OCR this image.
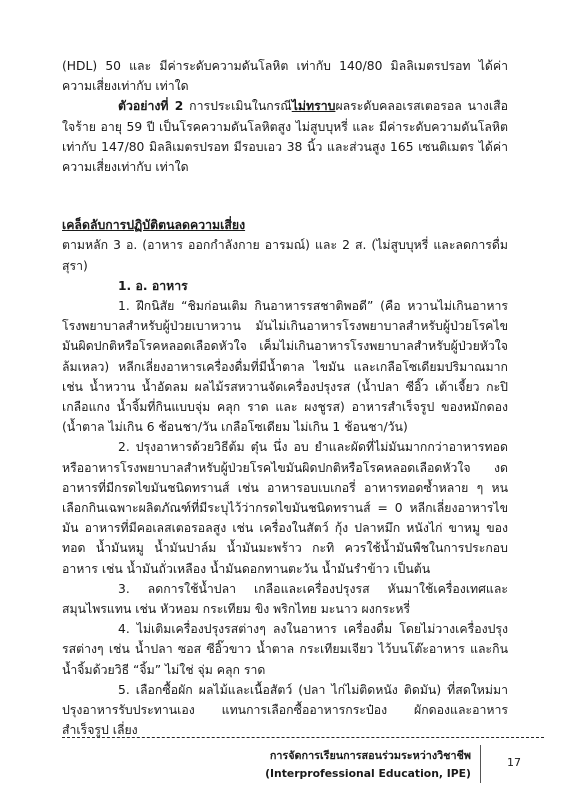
(HDL) 50 และ มีค่าระดับความดันโลหิต เท่ากับ 140/80 มิลลิเมตรปรอท ได้ค่าความเสี่ยงเท่ากับ เท่าใด

ตัวอย่างที่ 2 การประเมินในกรณีไม่ทราบผลระดับคลอเรสเตอรอล นางเสือ ใจร้าย อายุ 59 ปี เป็นโรคความดันโลหิตสูง ไม่สูบบุหรี่ และ มีค่าระดับความดันโลหิต เท่ากับ 147/80 มิลลิเมตรปรอท มีรอบเอว 38 นิ้ว และส่วนสูง 165 เซนติเมตร ได้ค่าความเสี่ยงเท่ากับ เท่าใด

เคล็ดลับการปฏิบัติตนลดความเสี่ยง

ตามหลัก 3 อ. (อาหาร ออกกำลังกาย อารมณ์) และ 2 ส. (ไม่สูบบุหรี่ และลดการดื่มสุรา)

1. อ. อาหาร

1. ฝึกนิสัย “ชิมก่อนเติม กินอาหารรสชาติพอดี” (คือ หวานไม่เกินอาหารโรงพยาบาลสำหรับผู้ป่วยเบาหวาน มันไม่เกินอาหารโรงพยาบาลสำหรับผู้ป่วยโรคไขมันผิดปกติหรือโรคหลอดเลือดหัวใจ เค็มไม่เกินอาหารโรงพยาบาลสำหรับผู้ป่วยหัวใจล้มเหลว) หลีกเลี่ยงอาหารเครื่องดื่มที่มีน้ำตาล ไขมัน และเกลือโซเดียมปริมาณมาก เช่น น้ำหวาน น้ำอัดลม ผลไม้รสหวานจัดเครื่องปรุงรส (น้ำปลา ซีอิ๊ว เต้าเจี้ยว กะปิ เกลือแกง น้ำจิ้มที่กินแบบจุ่ม คลุก ราด และ ผงชูรส) อาหารสำเร็จรูป ของหมักดอง (น้ำตาล ไม่เกิน 6 ช้อนชา/วัน เกลือโซเดียม ไม่เกิน 1 ช้อนชา/วัน)

2. ปรุงอาหารด้วยวิธีต้ม ตุ๋น นึ่ง อบ ยำและผัดที่ไม่มันมากกว่าอาหารทอด หรืออาหารโรงพยาบาลสำหรับผู้ป่วยโรคไขมันผิดปกติหรือโรคหลอดเลือดหัวใจ งดอาหารที่มีกรดไขมันชนิดทรานส์ เช่น อาหารอบเบเกอรี่ อาหารทอดซ้ำหลาย ๆ หน เลือกกินเฉพาะผลิตภัณฑ์ที่มีระบุไว้ว่ากรดไขมันชนิดทรานส์ = 0 หลีกเลี่ยงอาหารไขมัน อาหารที่มีคอเลสเตอรอลสูง เช่น เครื่องในสัตว์ กุ้ง ปลาหมึก หนังไก่ ขาหมู ของทอด น้ำมันหมู น้ำมันปาล์ม น้ำมันมะพร้าว กะทิ ควรใช้น้ำมันพืชในการประกอบอาหาร เช่น น้ำมันถั่วเหลือง น้ำมันดอกทานตะวัน น้ำมันรำข้าว เป็นต้น

3. ลดการใช้น้ำปลา เกลือและเครื่องปรุงรส หันมาใช้เครื่องเทศและสมุนไพรแทน เช่น หัวหอม กระเทียม ขิง พริกไทย มะนาว ผงกระหรี่

4. ไม่เติมเครื่องปรุงรสต่างๆ ลงในอาหาร เครื่องดื่ม โดยไม่วางเครื่องปรุงรสต่างๆ เช่น น้ำปลา ซอส ซีอิ๊วขาว น้ำตาล กระเทียมเจียว ไว้บนโต๊ะอาหาร และกินน้ำจิ้มด้วยวิธี “จิ้ม” ไม่ใช่ จุ่ม คลุก ราด

5. เลือกซื้อผัก ผลไม้และเนื้อสัตว์ (ปลา ไก่ไม่ติดหนัง ติดมัน) ที่สดใหม่มาปรุงอาหารรับประทานเอง แทนการเลือกซื้ออาหารกระป๋อง ผักดองและอาหารสำเร็จรูป เลี่ยง

การจัดการเรียนการสอนร่วมระหว่างวิชาชีพ
(Interprofessional Education, IPE)
17
